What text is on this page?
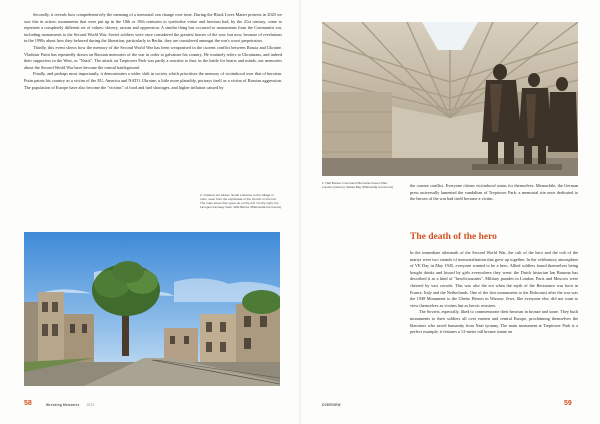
Secondly, it reveals how comprehensively the meaning of a memorial can change over time. During the Black Lives Matter protests in 2020 we saw this in action: monuments that were put up in the 18th or 19th centuries to symbolise virtue and heroism had, by the 21st century, come to represent a completely different set of values: slavery, racism and oppression. A similar thing has occurred to monuments from the Communist era, including monuments to the Second World War. Soviet soldiers were once considered the greatest heroes of the war; but now, because of revelations in the 1990s about how they behaved during the liberation, particularly in Berlin, they are considered amongst the war's worst perpetrators.

Thirdly, this event shows how the memory of the Second World War has been weaponised in the current conflict between Russia and Ukraine. Vladimir Putin has repeatedly drawn on Russian memories of the war in order to galvanise his country. He routinely refers to Ukrainians, and indeed their supporters in the West, as "Nazis". The attack on Treptower Park was partly a reaction to that: in the battle for hearts and minds, our memories about the Second World War have become the central battleground.

Finally, and perhaps most importantly, it demonstrates a wider shift in society which prioritises the memory of victimhood over that of heroism. Putin paints his country as a victim of the EU, America and NATO. Ukraine, a little more plausibly, portrays itself as a victim of Russian aggression. The population of Europe have also become the "victims" of food and fuel shortages, and higher inflation caused by

2. Oradour-sur-Glane: South entrance to the village in ruins, seen from the esplanade of the church on the left. The main street then goes up on the left. On the right, the Limoges tramway track. Wiki Bartos (Wikimedia Commons)

58	Wrecking Memories 2023

1. Half Bunker Command Memorial Green Park, London (interior). Wasia Bay (Wikimedia Commons)	the current conflict. Everyone claims victimhood status for themselves. Meanwhile, the German press universally lamented the vandalism of Treptower Park: a memorial site once dedicated to the heroes of the war had itself become a victim.

The death of the hero

In the immediate aftermath of the Second World War, the cult of the hero and the cult of the martyr were two strands of memorialisation that grew up together. In the celebratory atmosphere of VE Day in May 1945, everyone wanted to be a hero. Allied soldiers found themselves being bought drinks and kissed by girls everywhere they went: the Dutch historian Ian Buruma has described it as a kind of "heroliciousnits". Military parades in London, Paris and Moscow were cheered by vast crowds. This was also the era when the myth of the Resistance was born in France, Italy and the Netherlands. One of the first monuments to the Holocaust after the war was the 1948 Monument to the Ghetto Heroes in Warsaw. Jews, like everyone else, did not want to view themselves as victims but as heroic resisters.

The Soviets, especially, liked to commemorate their heroism in bronze and stone. They built monuments to their soldiers all over eastern and central Europe, proclaiming themselves the liberators who saved humanity from Nazi tyranny. The main monument at Treptower Park is a perfect example: it features a 12-metre tall bronze statue on

OVERVIEW	59
